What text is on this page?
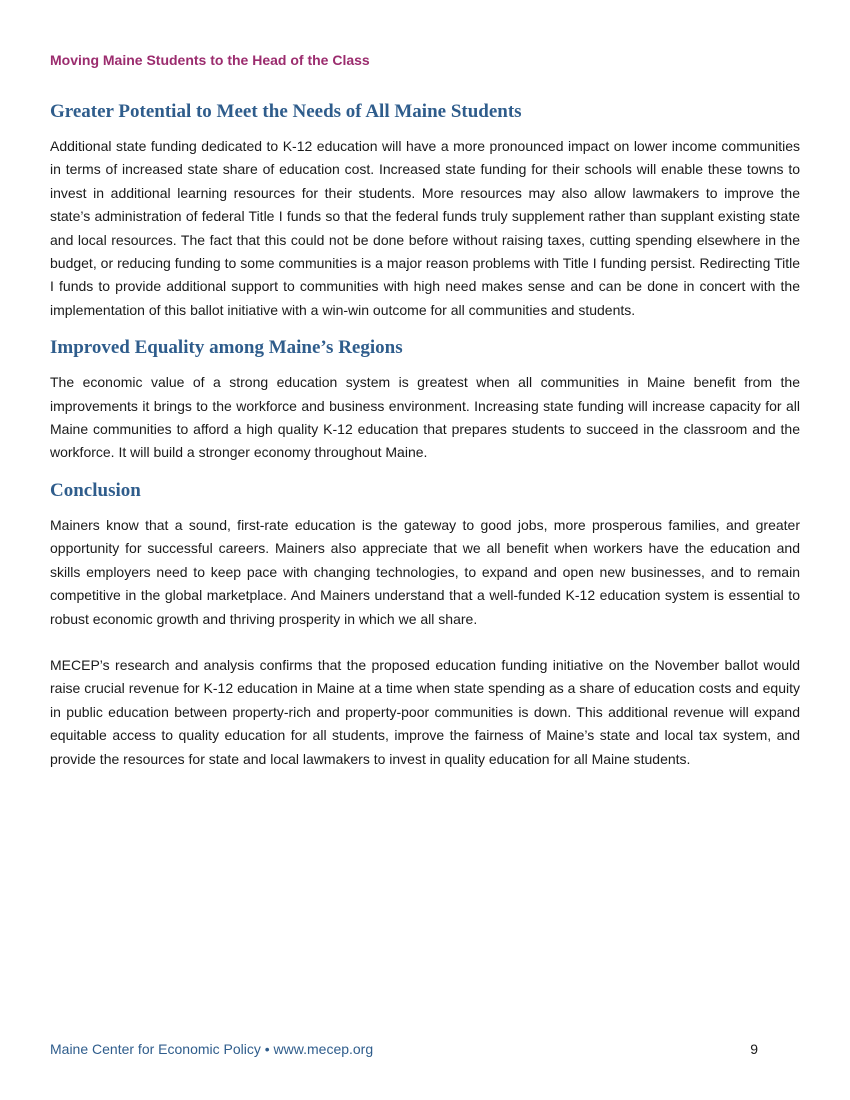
Moving Maine Students to the Head of the Class
Greater Potential to Meet the Needs of All Maine Students

Additional state funding dedicated to K-12 education will have a more pronounced impact on lower income communities in terms of increased state share of education cost. Increased state funding for their schools will enable these towns to invest in additional learning resources for their students. More resources may also allow lawmakers to improve the state’s administration of federal Title I funds so that the federal funds truly supplement rather than supplant existing state and local resources. The fact that this could not be done before without raising taxes, cutting spending elsewhere in the budget, or reducing funding to some communities is a major reason problems with Title I funding persist. Redirecting Title I funds to provide additional support to communities with high need makes sense and can be done in concert with the implementation of this ballot initiative with a win-win outcome for all communities and students.

Improved Equality among Maine’s Regions

The economic value of a strong education system is greatest when all communities in Maine benefit from the improvements it brings to the workforce and business environment. Increasing state funding will increase capacity for all Maine communities to afford a high quality K-12 education that prepares students to succeed in the classroom and the workforce. It will build a stronger economy throughout Maine.

Conclusion

Mainers know that a sound, first-rate education is the gateway to good jobs, more prosperous families, and greater opportunity for successful careers. Mainers also appreciate that we all benefit when workers have the education and skills employers need to keep pace with changing technologies, to expand and open new businesses, and to remain competitive in the global marketplace. And Mainers understand that a well-funded K-12 education system is essential to robust economic growth and thriving prosperity in which we all share.

MECEP’s research and analysis confirms that the proposed education funding initiative on the November ballot would raise crucial revenue for K-12 education in Maine at a time when state spending as a share of education costs and equity in public education between property-rich and property-poor communities is down. This additional revenue will expand equitable access to quality education for all students, improve the fairness of Maine’s state and local tax system, and provide the resources for state and local lawmakers to invest in quality education for all Maine students.

Maine Center for Economic Policy • www.mecep.org	9
